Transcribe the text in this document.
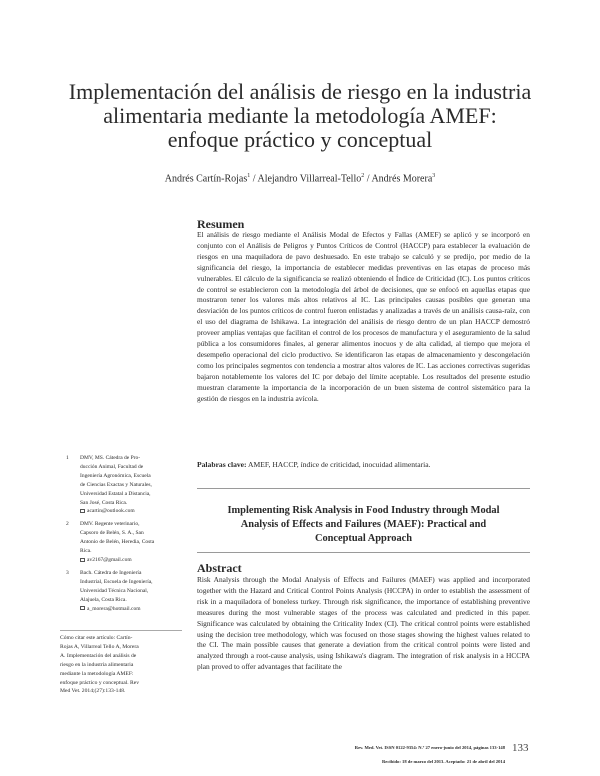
Implementación del análisis de riesgo en la industria
alimentaria mediante la metodología AMEF:
enfoque práctico y conceptual
Andrés Cartín-Rojas$^1$ / Alejandro Villarreal-Tello$^2$ / Andrés Morera$^3$
Resumen

El análisis de riesgo mediante el Análisis Modal de Efectos y Fallas (AMEF) se aplicó y se incorporó en conjunto con el Análisis de Peligros y Puntos Críticos de Control (HACCP) para establecer la evaluación de riesgos en una maquiladora de pavo deshuesado. En este trabajo se calculó y se predijo, por medio de la significancia del riesgo, la importancia de establecer medidas preventivas en las etapas de proceso más vulnerables. El cálculo de la significancia se realizó obteniendo el Índice de Criticidad (IC). Los puntos críticos de control se establecieron con la metodología del árbol de decisiones, que se enfocó en aquellas etapas que mostraron tener los valores más altos relativos al IC. Las principales causas posibles que generan una desviación de los puntos críticos de control fueron enlistadas y analizadas a través de un análisis causa-raíz, con el uso del diagrama de Ishikawa. La integración del análisis de riesgo dentro de un plan HACCP demostró proveer amplias ventajas que facilitan el control de los procesos de manufactura y el aseguramiento de la salud pública a los consumidores finales, al generar alimentos inocuos y de alta calidad, al tiempo que mejora el desempeño operacional del ciclo productivo. Se identificaron las etapas de almacenamiento y descongelación como los principales segmentos con tendencia a mostrar altos valores de IC. Las acciones correctivas sugeridas bajaron notablemente los valores del IC por debajo del límite aceptable. Los resultados del presente estudio muestran claramente la importancia de la incorporación de un buen sistema de control sistemático para la gestión de riesgos en la industria avícola.

Palabras clave: AMEF, HACCP, índice de criticidad, inocuidad alimentaria.

Implementing Risk Analysis in Food Industry through Modal
Analysis of Effects and Failures (MAEF): Practical and
Conceptual Approach
Abstract

Risk Analysis through the Modal Analysis of Effects and Failures (MAEF) was applied and incorporated together with the Hazard and Critical Control Points Analysis (HCCPA) in order to establish the assessment of risk in a maquiladora of boneless turkey. Through risk significance, the importance of establishing preventive measures during the most vulnerable stages of the process was calculated and predicted in this paper. Significance was calculated by obtaining the Criticality Index (CI). The critical control points were established using the decision tree methodology, which was focused on those stages showing the highest values related to the CI. The main possible causes that generate a deviation from the critical control points were listed and analyzed through a root-cause analysis, using Ishikawa's diagram. The integration of risk analysis in a HCCPA plan proved to offer advantages that facilitate the

1 DMV, MS. Cátedra de Pro-
ducción Animal, Facultad de
Ingeniería Agronómica, Escuela
de Ciencias Exactas y Naturales,
Universidad Estatal a Distancia,
San José, Costa Rica.
acartin@outlook.com
2 DMV. Regente veterinario,
Capsoro de Belén, S. A., San
Antonio de Belén, Heredia, Costa
Rica.
av2167@gmail.com
3 Bach. Cátedra de Ingeniería
Industrial, Escuela de Ingeniería,
Universidad Técnica Nacional,
Alajuela, Costa Rica.
a_morera@hotmail.com
Cómo citar este artículo: Cartín-
Rojas A, Villarreal Tello A, Morera
A. Implementación del análisis de
riesgo en la industria alimentaria
mediante la metodología AMEF:
enfoque práctico y conceptual. Rev
Med Vet. 2014;(27):133-148.
Rev. Med. Vet. ISSN 0122-9354: N.º 27 enero-junio del 2014, páginas 133-148
Recibido: 18 de marzo del 2013. Aceptado: 21 de abril del 2014
133
